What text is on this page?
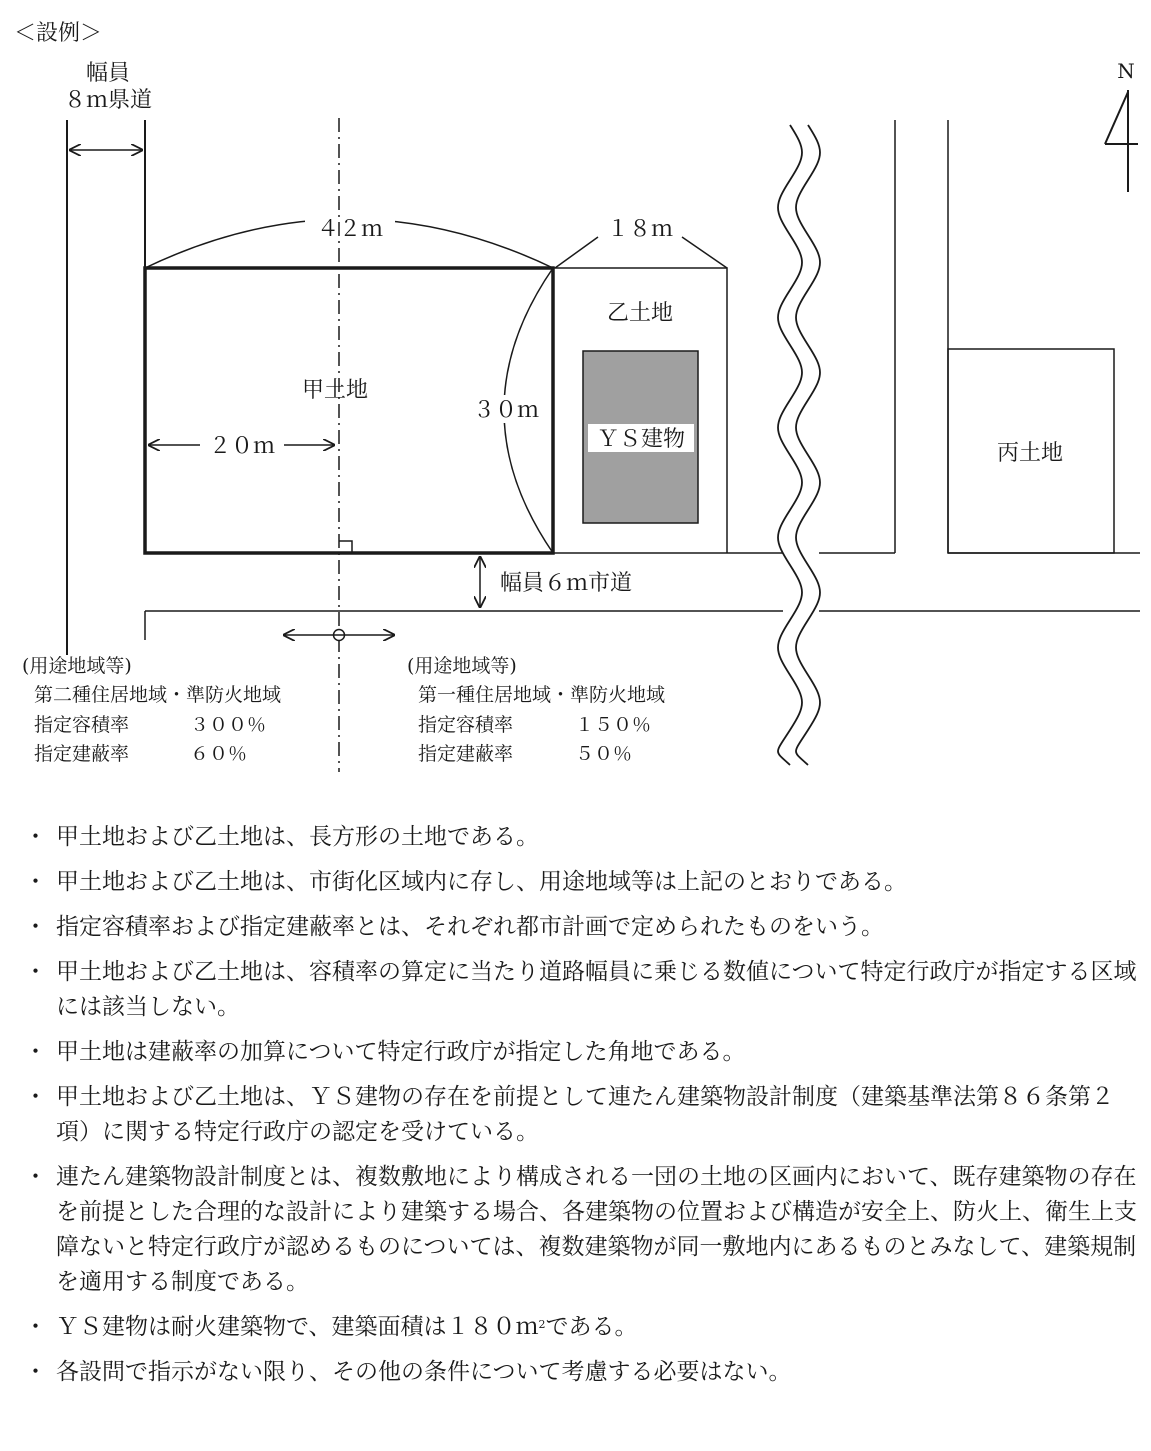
＜設例＞
幅員
８ｍ県道
N
甲土地
４２ｍ
３０ｍ
２０ｍ
乙土地
１８ｍ
ＹＳ建物
丙土地
幅員６ｍ市道
(用途地域等)
第二種住居地域・準防火地域
指定容積率	３００％
指定建蔽率	６０％
(用途地域等)
第一種住居地域・準防火地域
指定容積率	１５０％
指定建蔽率	５０％
・ 甲土地および乙土地は、長方形の土地である。
・ 甲土地および乙土地は、市街化区域内に存し、用途地域等は上記のとおりである。
・ 指定容積率および指定建蔽率とは、それぞれ都市計画で定められたものをいう。
・ 甲土地および乙土地は、容積率の算定に当たり道路幅員に乗じる数値について特定行政庁が指定する区域には該当しない。
・ 甲土地は建蔽率の加算について特定行政庁が指定した角地である。
・ 甲土地および乙土地は、ＹＳ建物の存在を前提として連たん建築物設計制度（建築基準法第８６条第２項）に関する特定行政庁の認定を受けている。
・ 連たん建築物設計制度とは、複数敷地により構成される一団の土地の区画内において、既存建築物の存在を前提とした合理的な設計により建築する場合、各建築物の位置および構造が安全上、防火上、衛生上支障ないと特定行政庁が認めるものについては、複数建築物が同一敷地内にあるものとみなして、建築規制を適用する制度である。
・ ＹＳ建物は耐火建築物で、建築面積は１８０ｍ$^2$である。
・ 各設問で指示がない限り、その他の条件について考慮する必要はない。
